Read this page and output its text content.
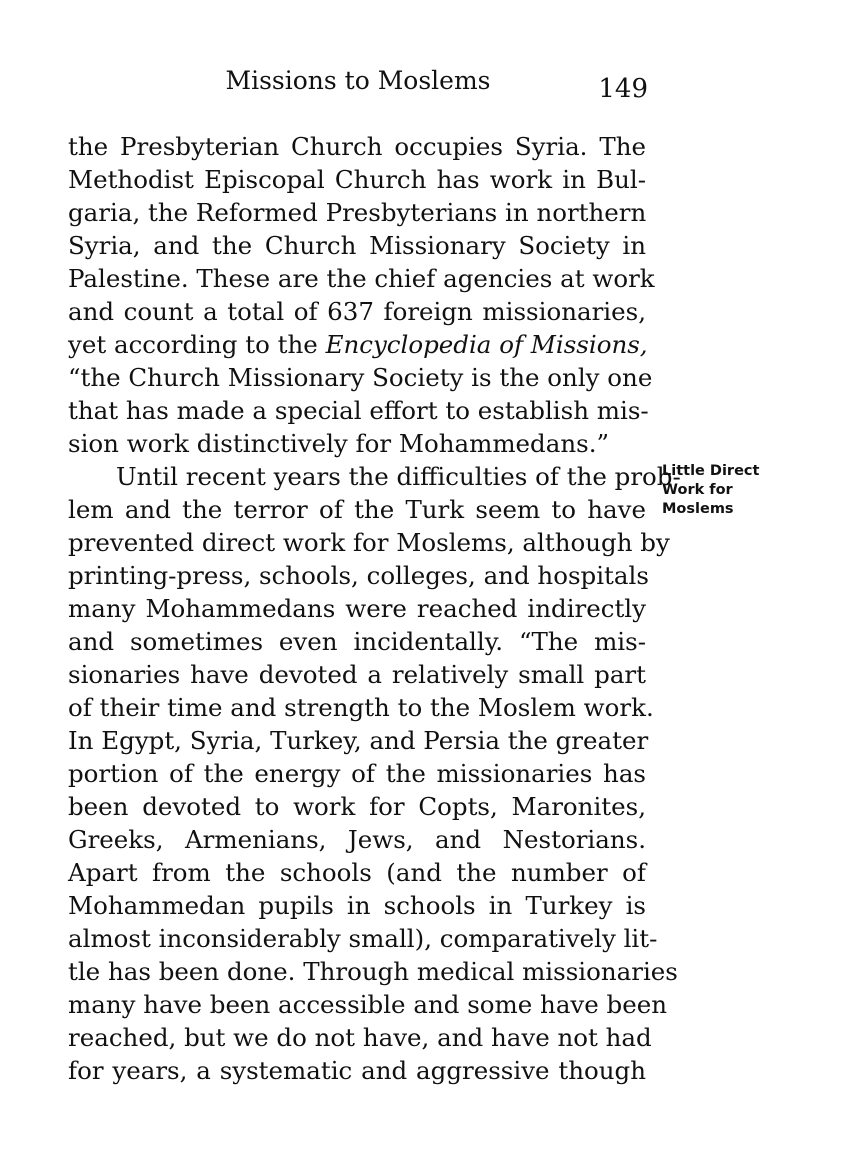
Missions to Moslems	149
the Presbyterian Church occupies Syria. The
Methodist Episcopal Church has work in Bul-
garia, the Reformed Presbyterians in northern
Syria, and the Church Missionary Society in
Palestine. These are the chief agencies at work
and count a total of 637 foreign missionaries,
yet according to the Encyclopedia of Missions,
“the Church Missionary Society is the only one
that has made a special effort to establish mis-
sion work distinctively for Mohammedans.”
Until recent years the difficulties of the prob-
lem and the terror of the Turk seem to have
prevented direct work for Moslems, although by
printing-press, schools, colleges, and hospitals
many Mohammedans were reached indirectly
and sometimes even incidentally. “The mis-
sionaries have devoted a relatively small part
of their time and strength to the Moslem work.
In Egypt, Syria, Turkey, and Persia the greater
portion of the energy of the missionaries has
been devoted to work for Copts, Maronites,
Greeks, Armenians, Jews, and Nestorians.
Apart from the schools (and the number of
Mohammedan pupils in schools in Turkey is
almost inconsiderably small), comparatively lit-
tle has been done. Through medical missionaries
many have been accessible and some have been
reached, but we do not have, and have not had
for years, a systematic and aggressive though
Little Direct
Work for
Moslems
